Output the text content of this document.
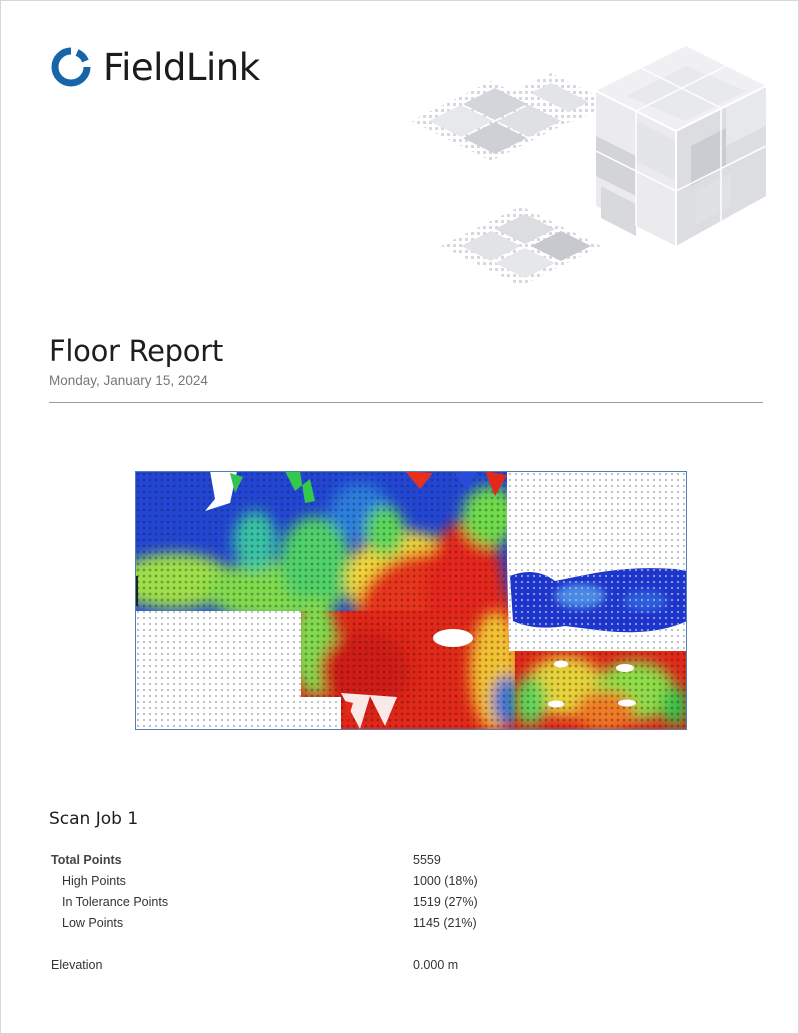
FieldLink
Floor Report
Monday, January 15, 2024
Scan Job 1
Total Points	5559
High Points	1000 (18%)
In Tolerance Points	1519 (27%)
Low Points	1145 (21%)
Elevation	0.000 m
